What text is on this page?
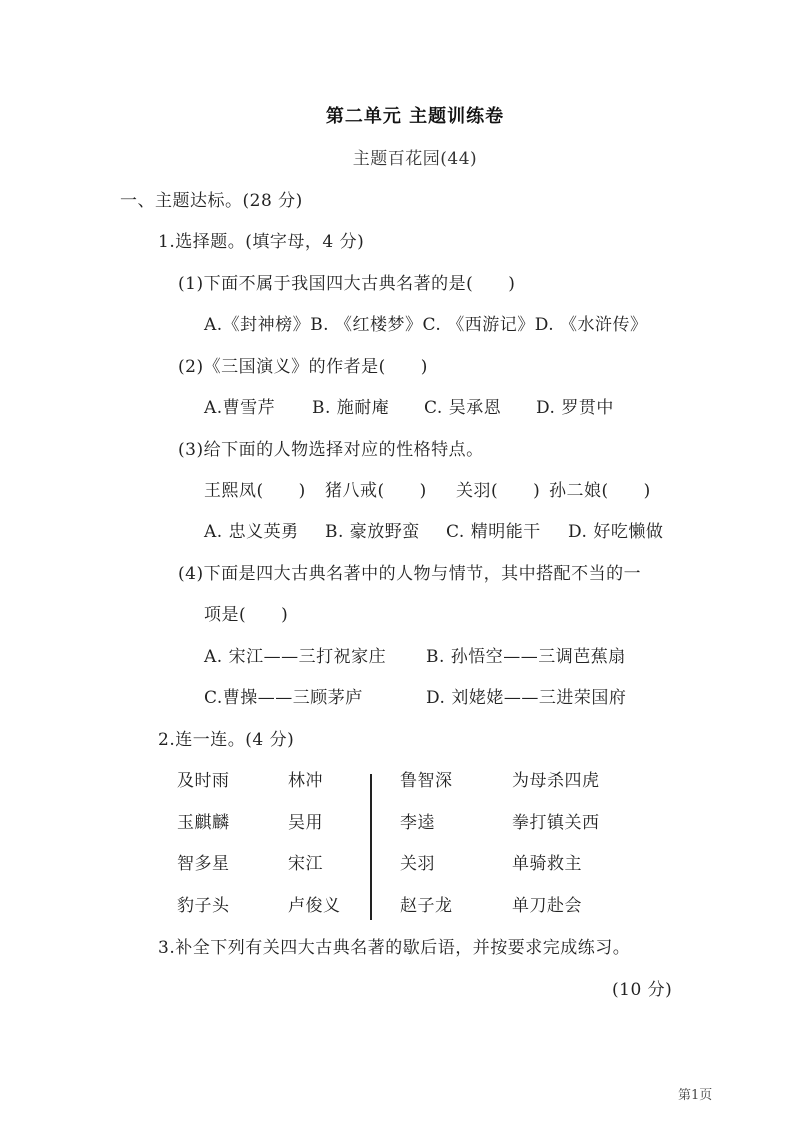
第二单元 主题训练卷
主题百花园(44)
一、主题达标。(28 分)
1.选择题。(填字母，4 分)
(1)下面不属于我国四大古典名著的是(　　)
A.《封神榜》B. 《红楼梦》C. 《西游记》D. 《水浒传》
(2)《三国演义》的作者是(　　)
A.曹雪芹 B. 施耐庵 C. 吴承恩 D. 罗贯中
(3)给下面的人物选择对应的性格特点。
王熙凤(　　) 猪八戒(　　) 关羽(　　) 孙二娘(　　)
A. 忠义英勇 B. 豪放野蛮 C. 精明能干 D. 好吃懒做
(4)下面是四大古典名著中的人物与情节，其中搭配不当的一
项是(　　)
A. 宋江——三打祝家庄 B. 孙悟空——三调芭蕉扇
C.曹操——三顾茅庐	D. 刘姥姥——三进荣国府
2.连一连。(4 分)
及时雨
玉麒麟
智多星
豹子头
林冲
吴用
宋江
卢俊义
鲁智深
李逵
关羽
赵子龙
为母杀四虎
拳打镇关西
单骑救主
单刀赴会
3.补全下列有关四大古典名著的歇后语，并按要求完成练习。
(10 分)
第1页
